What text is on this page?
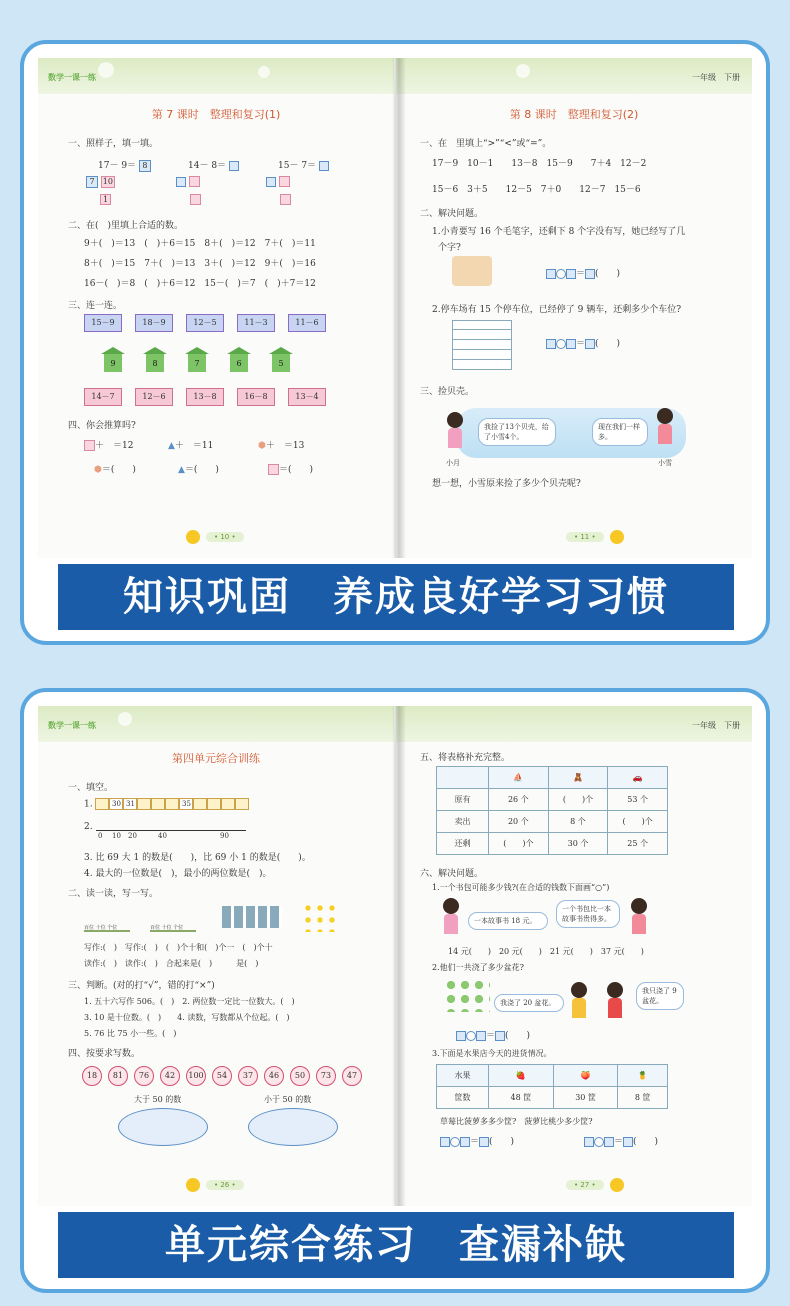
数学一课一练
第 7 课时　整理和复习(1)
一、照样子，填一填。
17－ 9＝ 8
7 10
1
14－ 8＝
	15－ 7＝

二、在(　)里填上合适的数。
9＋(　)＝13　(　)＋6＝15　8＋(　)＝12　7＋(　)＝11
8＋(　)＝15　7＋(　)＝13　3＋(　)＝12　9＋(　)＝16
16－(　)＝8　(　)＋6＝12　15－(　)＝7　(　)＋7＝12
三、连一连。
15－9	18－9	12－5	11－3	11－6
9	8	7	6	5
14－7	12－6	13－8	16－8	13－4
四、你会推算吗?
＋　＝12	▲＋　＝11	⬢＋　＝13
⬢＝(　　)	▲＝(　　)	＝(　　)
• 10 •
一年级　下册
第 8 课时　整理和复习(2)
一、在　里填上“>”“<”或“=”。
17－9　10－1　　13－8　15－9　　7＋4　12－2
15－6　3＋5　　12－5　7＋0　　12－7　15－6
二、解决问题。
1.小青要写 16 个毛笔字，还剩下 8 个字没有写，她已经写了几
个字?
＝ (　　)
2.停车场有 15 个停车位，已经停了 9 辆车，还剩多少个车位?
＝ (　　)
三、捡贝壳。
我捡了13个贝壳，给了小雪4个。
现在我们一样多。
小月	小雪
想一想，小雪原来捡了多少个贝壳呢?
• 11 •
知识巩固　养成良好学习习惯
数学一课一练
第四单元综合训练
一、填空。
1.	30 31	35
2.
0 10 20	40	90
3. 比 69 大 1 的数是(　　)，比 69 小 1 的数是(　　)。
4. 最大的一位数是(　)，最小的两位数是(　)。
二、读一读，写一写。
百位 十位 个位	百位 十位 个位
写作:(　)　写作:(　)　(　)个十和(　)个一　(　)个十
读作:(　)　读作:(　)　合起来是(　)　　　是(　)
三、判断。(对的打“√”，错的打“×”)
1. 五十六写作 506。(　)　2. 两位数一定比一位数大。(　)
3. 10 是十位数。(　)　　4. 读数，写数都从个位起。(　)
5. 76 比 75 小一些。(　)
四、按要求写数。
18	81	76	42	100	54	37	46	50	73	47
大于 50 的数	小于 50 的数
• 26 •
一年级　下册
五、将表格补充完整。
	⛵	🧸	🚗
原有	26 个	(　　)个	53 个
卖出	20 个	8 个	(　　)个
还剩	(　　)个	30 个	25 个
六、解决问题。
1.一个书包可能多少钱?(在合适的钱数下面画“○”)
一本故事书 18 元。
一个书包比一本故事书贵得多。
14 元(　　)　20 元(　　)　21 元(　　)　37 元(　　)
2.他们一共浇了多少盆花?
我浇了 20 盆花。
我只浇了 9 盆花。
＝ (　　)
3.下面是水果店今天的进货情况。
水果	🍓	🍑	🍍
筐数	48 筐	30 筐	8 筐
草莓比菠萝多多少筐?　菠萝比桃少多少筐?
＝ (　　)	＝ (　　)
• 27 •
单元综合练习　查漏补缺
